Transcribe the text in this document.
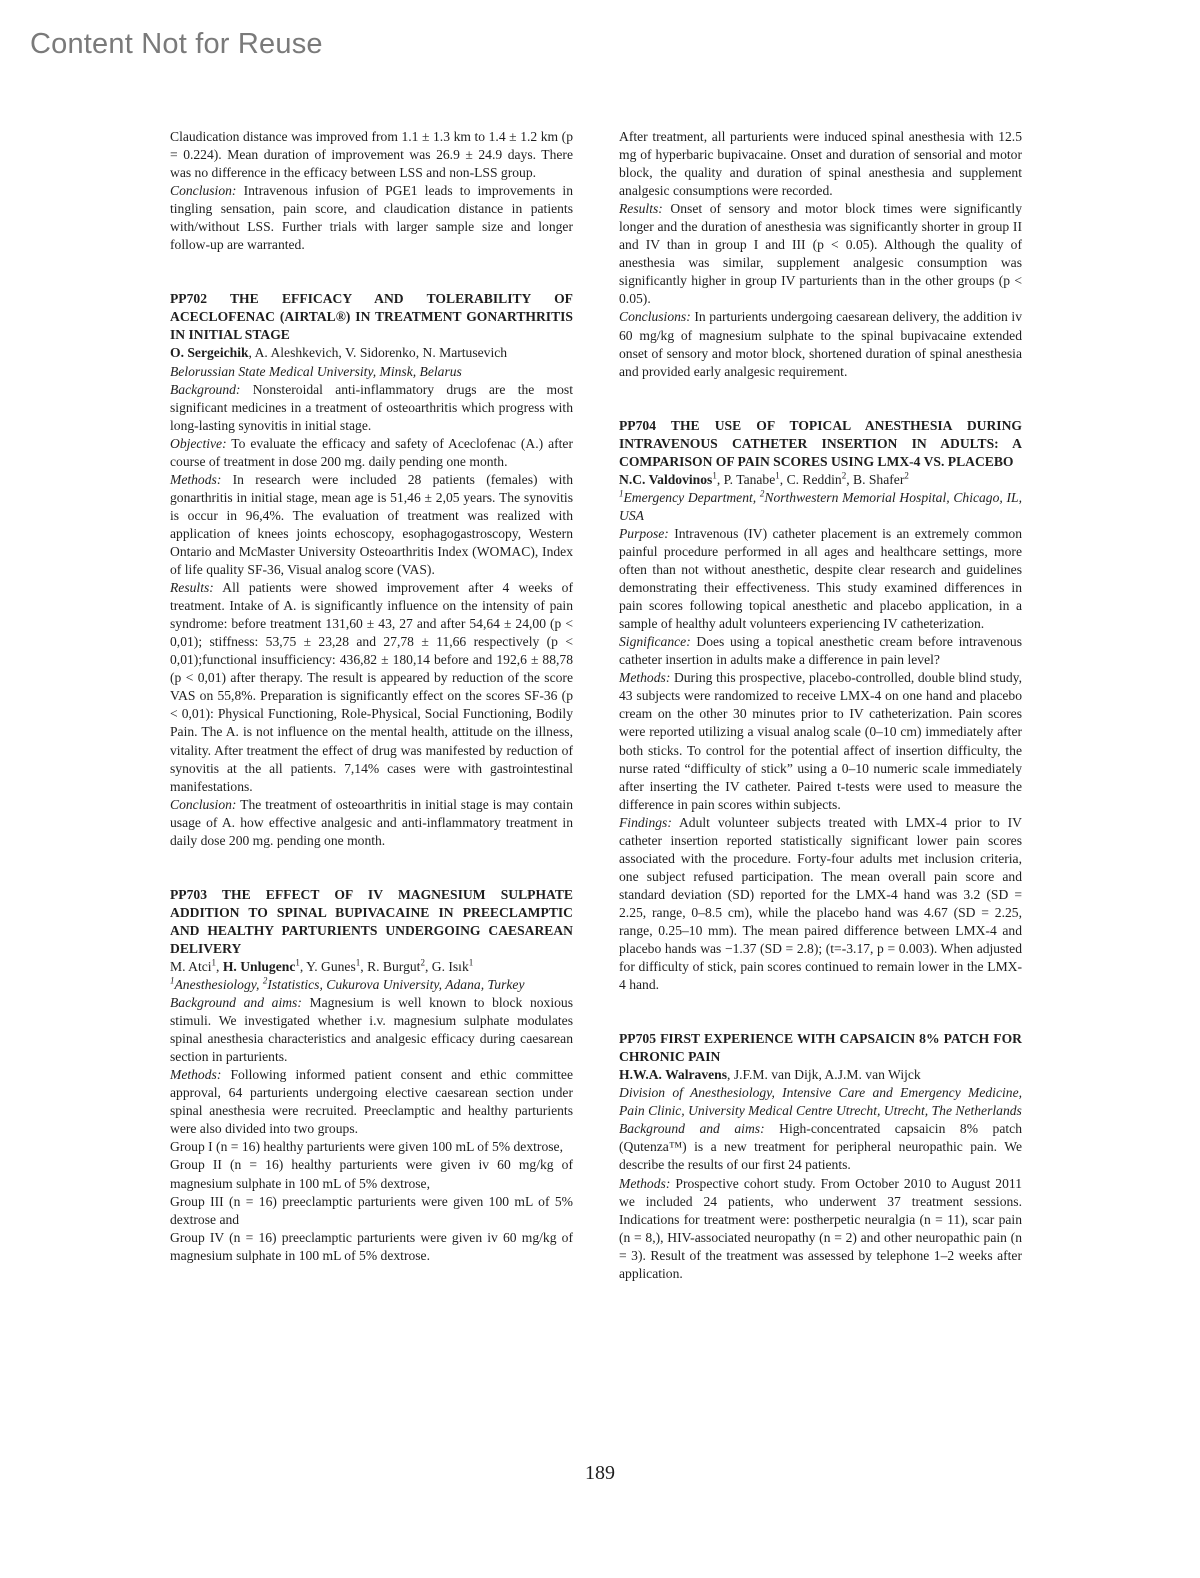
Content Not for Reuse

Claudication distance was improved from 1.1 ± 1.3 km to 1.4 ± 1.2 km (p = 0.224). Mean duration of improvement was 26.9 ± 24.9 days. There was no difference in the efficacy between LSS and non-LSS group.

Conclusion: Intravenous infusion of PGE1 leads to improvements in tingling sensation, pain score, and claudication distance in patients with/without LSS. Further trials with larger sample size and longer follow-up are warranted.

PP702 THE EFFICACY AND TOLERABILITY OF ACECLOFENAC (AIRTAL®) IN TREATMENT GONARTHRITIS IN INITIAL STAGE

O. Sergeichik, A. Aleshkevich, V. Sidorenko, N. Martusevich

Belorussian State Medical University, Minsk, Belarus

Background: Nonsteroidal anti-inflammatory drugs are the most significant medicines in a treatment of osteoarthritis which progress with long-lasting synovitis in initial stage.

Objective: To evaluate the efficacy and safety of Aceclofenac (A.) after course of treatment in dose 200 mg. daily pending one month.

Methods: In research were included 28 patients (females) with gonarthritis in initial stage, mean age is 51,46 ± 2,05 years. The synovitis is occur in 96,4%. The evaluation of treatment was realized with application of knees joints echoscopy, esophagogastroscopy, Western Ontario and McMaster University Osteoarthritis Index (WOMAC), Index of life quality SF-36, Visual analog score (VAS).

Results: All patients were showed improvement after 4 weeks of treatment. Intake of A. is significantly influence on the intensity of pain syndrome: before treatment 131,60 ± 43, 27 and after 54,64 ± 24,00 (p < 0,01); stiffness: 53,75 ± 23,28 and 27,78 ± 11,66 respectively (p < 0,01);functional insufficiency: 436,82 ± 180,14 before and 192,6 ± 88,78 (p < 0,01) after therapy. The result is appeared by reduction of the score VAS on 55,8%. Preparation is significantly effect on the scores SF-36 (p < 0,01): Physical Functioning, Role-Physical, Social Functioning, Bodily Pain. The A. is not influence on the mental health, attitude on the illness, vitality. After treatment the effect of drug was manifested by reduction of synovitis at the all patients. 7,14% cases were with gastrointestinal manifestations.

Conclusion: The treatment of osteoarthritis in initial stage is may contain usage of A. how effective analgesic and anti-inflammatory treatment in daily dose 200 mg. pending one month.

PP703 THE EFFECT OF IV MAGNESIUM SULPHATE ADDITION TO SPINAL BUPIVACAINE IN PREECLAMPTIC AND HEALTHY PARTURIENTS UNDERGOING CAESAREAN DELIVERY

M. Atci$^1$, H. Unlugenc$^1$, Y. Gunes$^1$, R. Burgut$^2$, G. Isık$^1$

$^1$Anesthesiology, $^2$Istatistics, Cukurova University, Adana, Turkey

Background and aims: Magnesium is well known to block noxious stimuli. We investigated whether i.v. magnesium sulphate modulates spinal anesthesia characteristics and analgesic efficacy during caesarean section in parturients.

Methods: Following informed patient consent and ethic committee approval, 64 parturients undergoing elective caesarean section under spinal anesthesia were recruited. Preeclamptic and healthy parturients were also divided into two groups.

Group I (n = 16) healthy parturients were given 100 mL of 5% dextrose,

Group II (n = 16) healthy parturients were given iv 60 mg/kg of magnesium sulphate in 100 mL of 5% dextrose,

Group III (n = 16) preeclamptic parturients were given 100 mL of 5% dextrose and

Group IV (n = 16) preeclamptic parturients were given iv 60 mg/kg of magnesium sulphate in 100 mL of 5% dextrose.

After treatment, all parturients were induced spinal anesthesia with 12.5 mg of hyperbaric bupivacaine. Onset and duration of sensorial and motor block, the quality and duration of spinal anesthesia and supplement analgesic consumptions were recorded.

Results: Onset of sensory and motor block times were significantly longer and the duration of anesthesia was significantly shorter in group II and IV than in group I and III (p < 0.05). Although the quality of anesthesia was similar, supplement analgesic consumption was significantly higher in group IV parturients than in the other groups (p < 0.05).

Conclusions: In parturients undergoing caesarean delivery, the addition iv 60 mg/kg of magnesium sulphate to the spinal bupivacaine extended onset of sensory and motor block, shortened duration of spinal anesthesia and provided early analgesic requirement.

PP704 THE USE OF TOPICAL ANESTHESIA DURING INTRAVENOUS CATHETER INSERTION IN ADULTS: A COMPARISON OF PAIN SCORES USING LMX-4 VS. PLACEBO

N.C. Valdovinos$^1$, P. Tanabe$^1$, C. Reddin$^2$, B. Shafer$^2$

$^1$Emergency Department, $^2$Northwestern Memorial Hospital, Chicago, IL, USA

Purpose: Intravenous (IV) catheter placement is an extremely common painful procedure performed in all ages and healthcare settings, more often than not without anesthetic, despite clear research and guidelines demonstrating their effectiveness. This study examined differences in pain scores following topical anesthetic and placebo application, in a sample of healthy adult volunteers experiencing IV catheterization.

Significance: Does using a topical anesthetic cream before intravenous catheter insertion in adults make a difference in pain level?

Methods: During this prospective, placebo-controlled, double blind study, 43 subjects were randomized to receive LMX-4 on one hand and placebo cream on the other 30 minutes prior to IV catheterization. Pain scores were reported utilizing a visual analog scale (0–10 cm) immediately after both sticks. To control for the potential affect of insertion difficulty, the nurse rated “difficulty of stick” using a 0–10 numeric scale immediately after inserting the IV catheter. Paired t-tests were used to measure the difference in pain scores within subjects.

Findings: Adult volunteer subjects treated with LMX-4 prior to IV catheter insertion reported statistically significant lower pain scores associated with the procedure. Forty-four adults met inclusion criteria, one subject refused participation. The mean overall pain score and standard deviation (SD) reported for the LMX-4 hand was 3.2 (SD = 2.25, range, 0–8.5 cm), while the placebo hand was 4.67 (SD = 2.25, range, 0.25–10 mm). The mean paired difference between LMX-4 and placebo hands was −1.37 (SD = 2.8); (t=-3.17, p = 0.003). When adjusted for difficulty of stick, pain scores continued to remain lower in the LMX-4 hand.

PP705 FIRST EXPERIENCE WITH CAPSAICIN 8% PATCH FOR CHRONIC PAIN

H.W.A. Walravens, J.F.M. van Dijk, A.J.M. van Wijck

Division of Anesthesiology, Intensive Care and Emergency Medicine, Pain Clinic, University Medical Centre Utrecht, Utrecht, The Netherlands

Background and aims: High-concentrated capsaicin 8% patch (Qutenza™) is a new treatment for peripheral neuropathic pain. We describe the results of our first 24 patients.

Methods: Prospective cohort study. From October 2010 to August 2011 we included 24 patients, who underwent 37 treatment sessions. Indications for treatment were: postherpetic neuralgia (n = 11), scar pain (n = 8,), HIV-associated neuropathy (n = 2) and other neuropathic pain (n = 3). Result of the treatment was assessed by telephone 1–2 weeks after application.

189
